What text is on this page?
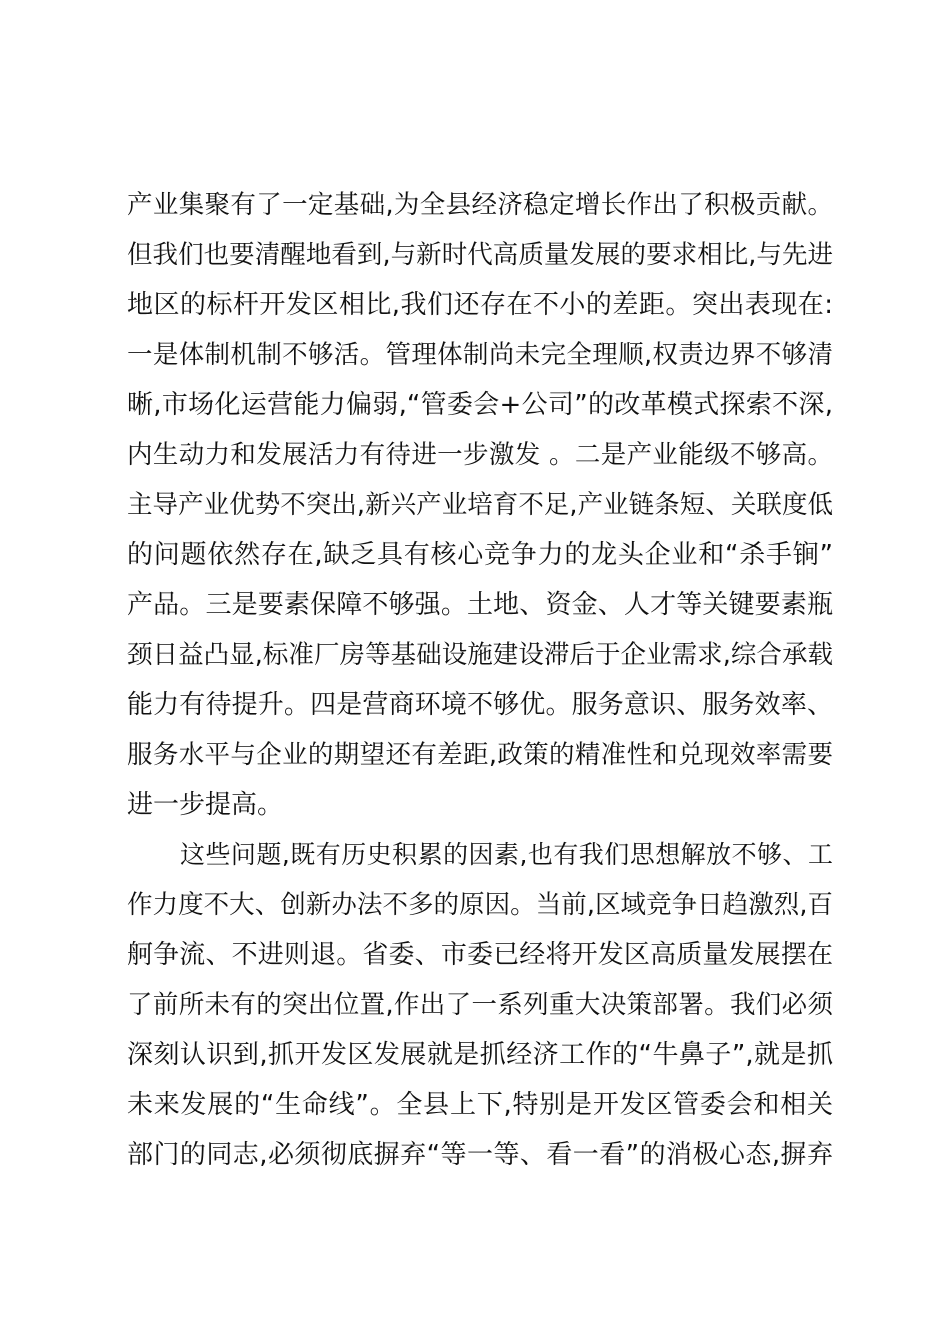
产业集聚有了一定基础,为全县经济稳定增长作出了积极贡献。
但我们也要清醒地看到,与新时代高质量发展的要求相比,与先进
地区的标杆开发区相比,我们还存在不小的差距。突出表现在:
一是体制机制不够活。管理体制尚未完全理顺,权责边界不够清
晰,市场化运营能力偏弱,“管委会+公司”的改革模式探索不深,
内生动力和发展活力有待进一步激发 。二是产业能级不够高。
主导产业优势不突出,新兴产业培育不足,产业链条短、关联度低
的问题依然存在,缺乏具有核心竞争力的龙头企业和“杀手锏”
产品。三是要素保障不够强。土地、资金、人才等关键要素瓶
颈日益凸显,标准厂房等基础设施建设滞后于企业需求,综合承载
能力有待提升。四是营商环境不够优。服务意识、服务效率、
服务水平与企业的期望还有差距,政策的精准性和兑现效率需要
进一步提高。
这些问题,既有历史积累的因素,也有我们思想解放不够、工
作力度不大、创新办法不多的原因。当前,区域竞争日趋激烈,百
舸争流、不进则退。省委、市委已经将开发区高质量发展摆在
了前所未有的突出位置,作出了一系列重大决策部署。我们必须
深刻认识到,抓开发区发展就是抓经济工作的“牛鼻子”,就是抓
未来发展的“生命线”。全县上下,特别是开发区管委会和相关
部门的同志,必须彻底摒弃“等一等、看一看”的消极心态,摒弃
